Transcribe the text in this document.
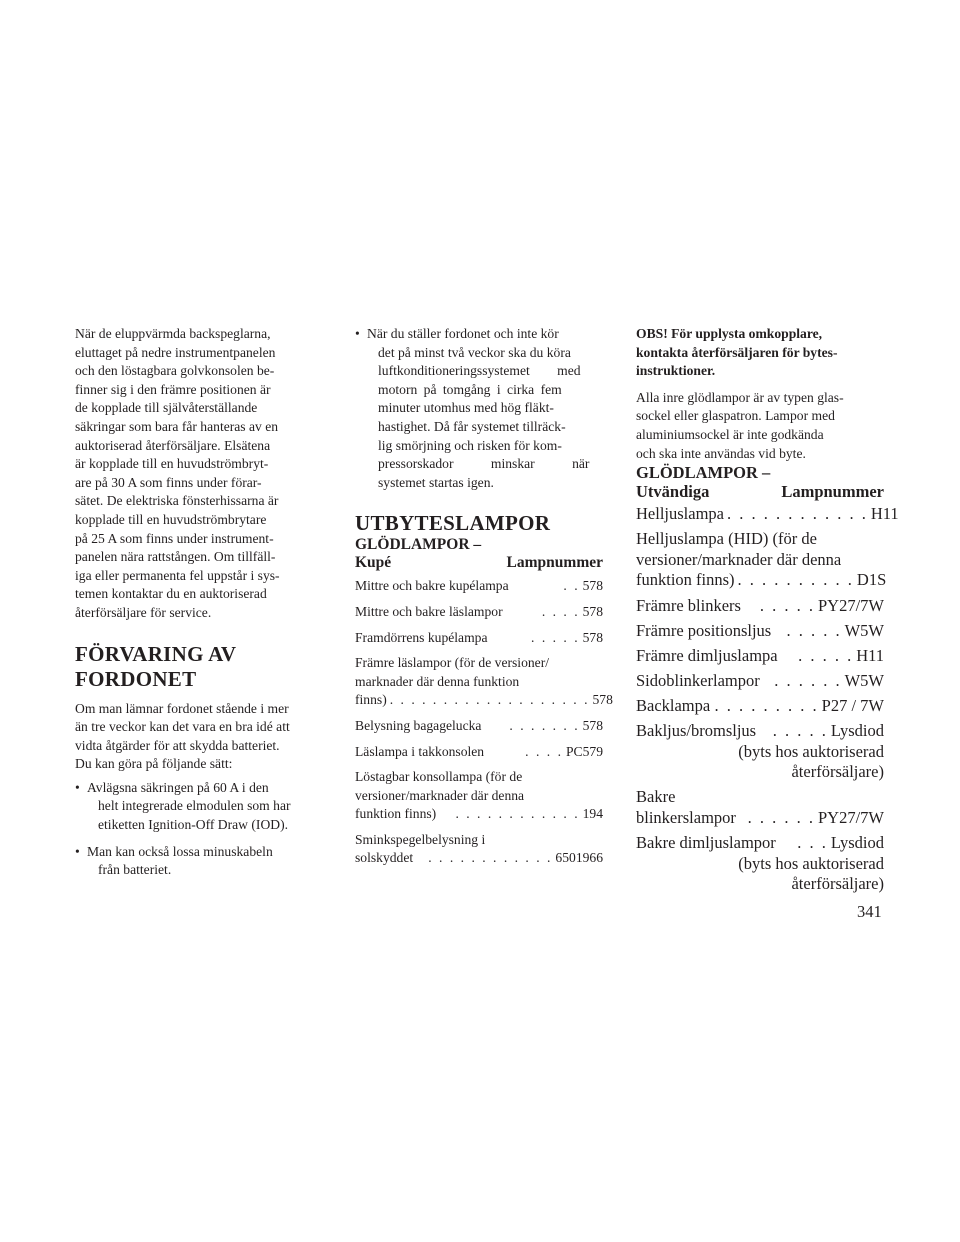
När de eluppvärmda backspeglarna,
eluttaget på nedre instrumentpanelen
och den löstagbara golvkonsolen be-
finner sig i den främre positionen är
de kopplade till självåterställande
säkringar som bara får hanteras av en
auktoriserad återförsäljare. Elsätena
är kopplade till en huvudströmbryt-
are på 30 A som finns under förar-
sätet. De elektriska fönsterhissarna är
kopplade till en huvudströmbrytare
på 25 A som finns under instrument-
panelen nära rattstången. Om tillfäll-
iga eller permanenta fel uppstår i sys-
temen kontaktar du en auktoriserad
återförsäljare för service.
FÖRVARING AV
FORDONET
Om man lämnar fordonet stående i mer
än tre veckor kan det vara en bra idé att
vidta åtgärder för att skydda batteriet.
Du kan göra på följande sätt:
• Avlägsna säkringen på 60 A i den
helt integrerade elmodulen som har
etiketten Ignition-Off Draw (IOD).
• Man kan också lossa minuskabeln
från batteriet.
• När du ställer fordonet och inte kör
det på minst två veckor ska du köra
luftkonditioneringssystemet med
motorn på tomgång i cirka fem
minuter utomhus med hög fläkt-
hastighet. Då får systemet tillräck-
lig smörjning och risken för kom-
pressorskador minskar när
systemet startas igen.
UTBYTESLAMPOR
GLÖDLAMPOR –
Kupé	Lampnummer
Mittre och bakre kupélampa	. . 578
Mittre och bakre läslampor	. . . . 578
Framdörrens kupélampa	. . . . . 578
Främre läslampor (för de versioner/
marknader där denna funktion
finns) . . . . . . . . . . . . . . . . . . . 578
Belysning bagagelucka	. . . . . . . 578
Läslampa i takkonsolen	. . . . PC579
Löstagbar konsollampa (för de
versioner/marknader där denna
funktion finns)	. . . . . . . . . . . . 194
Sminkspegelbelysning i
solskyddet	. . . . . . . . . . . . 6501966
OBS! För upplysta omkopplare,
kontakta återförsäljaren för bytes-
instruktioner.
Alla inre glödlampor är av typen glas-
sockel eller glaspatron. Lampor med
aluminiumsockel är inte godkända
och ska inte användas vid byte.
GLÖDLAMPOR –
Utvändiga	Lampnummer
Helljuslampa . . . . . . . . . . . . H11
Helljuslampa (HID) (för de
versioner/marknader där denna
funktion finns) . . . . . . . . . . D1S
Främre blinkers	. . . . . PY27/7W
Främre positionsljus . . . . . W5W
Främre dimljuslampa	. . . . . H11
Sidoblinkerlampor . . . . . . W5W
Backlampa . . . . . . . . . P27 / 7W
Bakljus/bromsljus	. . . . . Lysdiod
(byts hos auktoriserad
återförsäljare)
Bakre
blinkerslampor . . . . . . PY27/7W
Bakre dimljuslampor	. . . Lysdiod
(byts hos auktoriserad
återförsäljare)
341
